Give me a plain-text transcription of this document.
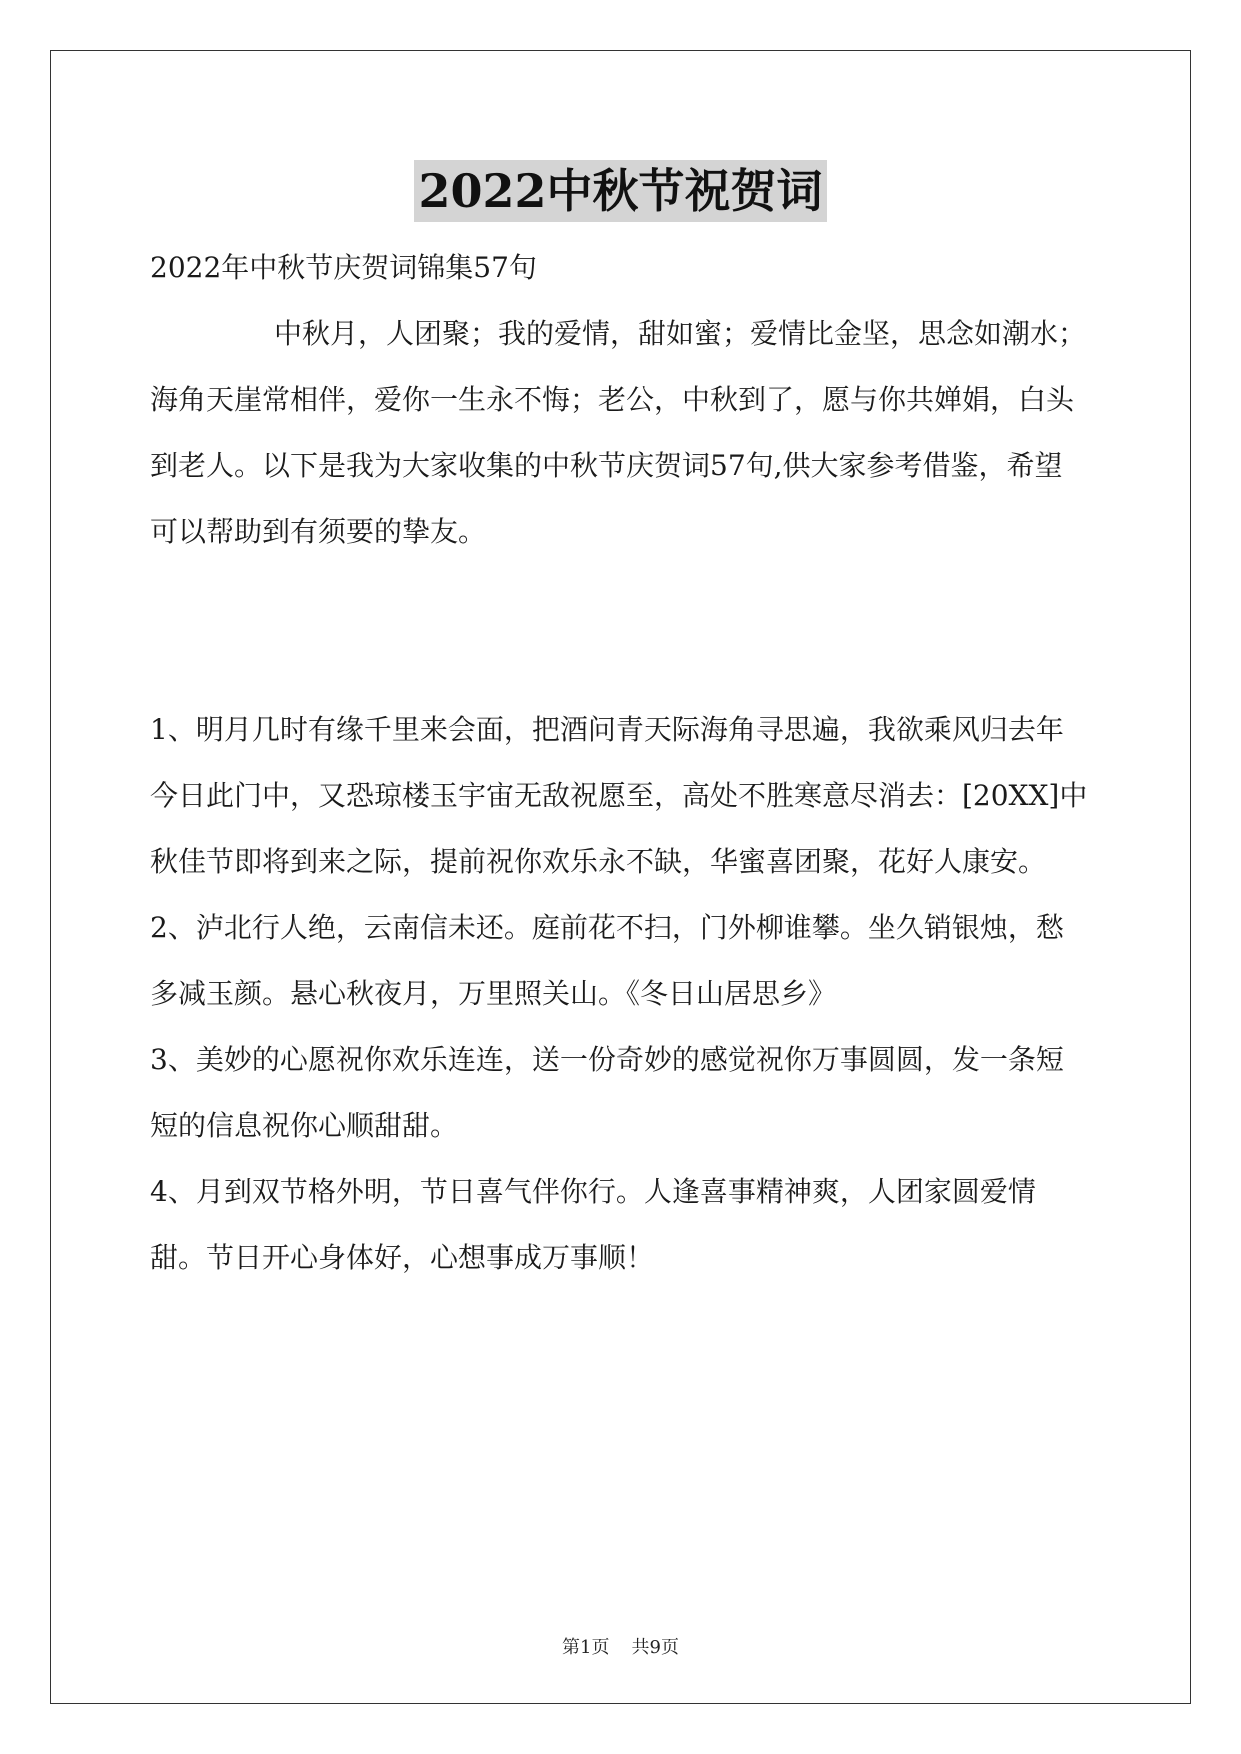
2022中秋节祝贺词

2022年中秋节庆贺词锦集57句

中秋月，人团聚；我的爱情，甜如蜜；爱情比金坚，思念如潮水；海角天崖常相伴，爱你一生永不悔；老公，中秋到了，愿与你共婵娟，白头到老人。以下是我为大家收集的中秋节庆贺词57句,供大家参考借鉴，希望可以帮助到有须要的挚友。

1、明月几时有缘千里来会面，把酒问青天际海角寻思遍，我欲乘风归去年今日此门中，又恐琼楼玉宇宙无敌祝愿至，高处不胜寒意尽消去：[20XX]中秋佳节即将到来之际，提前祝你欢乐永不缺，华蜜喜团聚，花好人康安。

2、泸北行人绝，云南信未还。庭前花不扫，门外柳谁攀。坐久销银烛，愁多减玉颜。悬心秋夜月，万里照关山。《冬日山居思乡》

3、美妙的心愿祝你欢乐连连，送一份奇妙的感觉祝你万事圆圆，发一条短短的信息祝你心顺甜甜。

4、月到双节格外明，节日喜气伴你行。人逢喜事精神爽，人团家圆爱情甜。节日开心身体好，心想事成万事顺！

第1页 共9页
